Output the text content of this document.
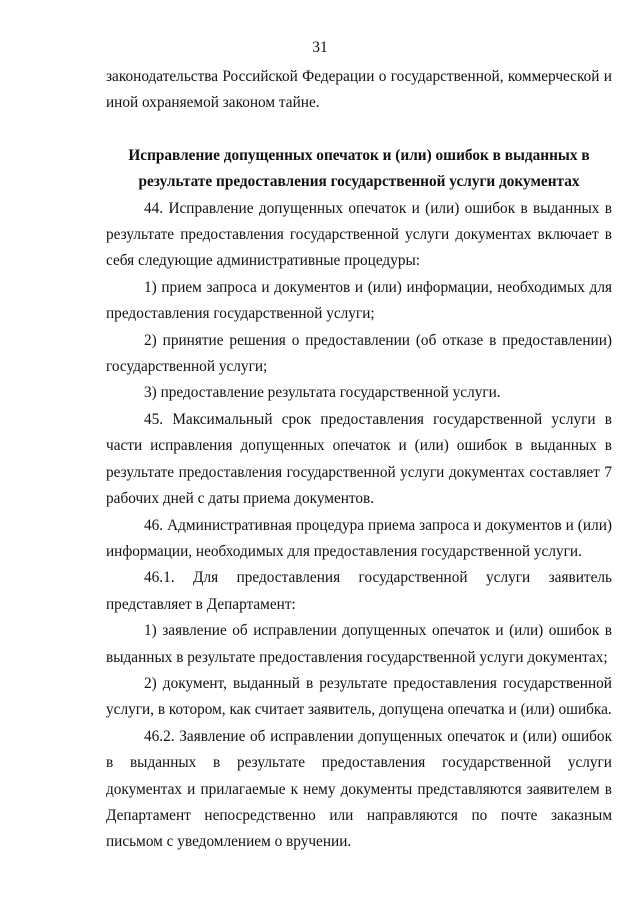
31

законодательства Российской Федерации о государственной, коммерческой и иной охраняемой законом тайне.

Исправление допущенных опечаток и (или) ошибок в выданных в
результате предоставления государственной услуги документах

44. Исправление допущенных опечаток и (или) ошибок в выданных в результате предоставления государственной услуги документах включает в себя следующие административные процедуры:

1) прием запроса и документов и (или) информации, необходимых для предоставления государственной услуги;

2) принятие решения о предоставлении (об отказе в предоставлении) государственной услуги;

3) предоставление результата государственной услуги.

45. Максимальный срок предоставления государственной услуги в части исправления допущенных опечаток и (или) ошибок в выданных в результате предоставления государственной услуги документах составляет 7 рабочих дней с даты приема документов.

46. Административная процедура приема запроса и документов и (или) информации, необходимых для предоставления государственной услуги.

46.1. Для предоставления государственной услуги заявитель представляет в Департамент:

1) заявление об исправлении допущенных опечаток и (или) ошибок в выданных в результате предоставления государственной услуги документах;

2) документ, выданный в результате предоставления государственной услуги, в котором, как считает заявитель, допущена опечатка и (или) ошибка.

46.2. Заявление об исправлении допущенных опечаток и (или) ошибок в выданных в результате предоставления государственной услуги документах и прилагаемые к нему документы представляются заявителем в Департамент непосредственно или направляются по почте заказным письмом с уведомлением о вручении.
